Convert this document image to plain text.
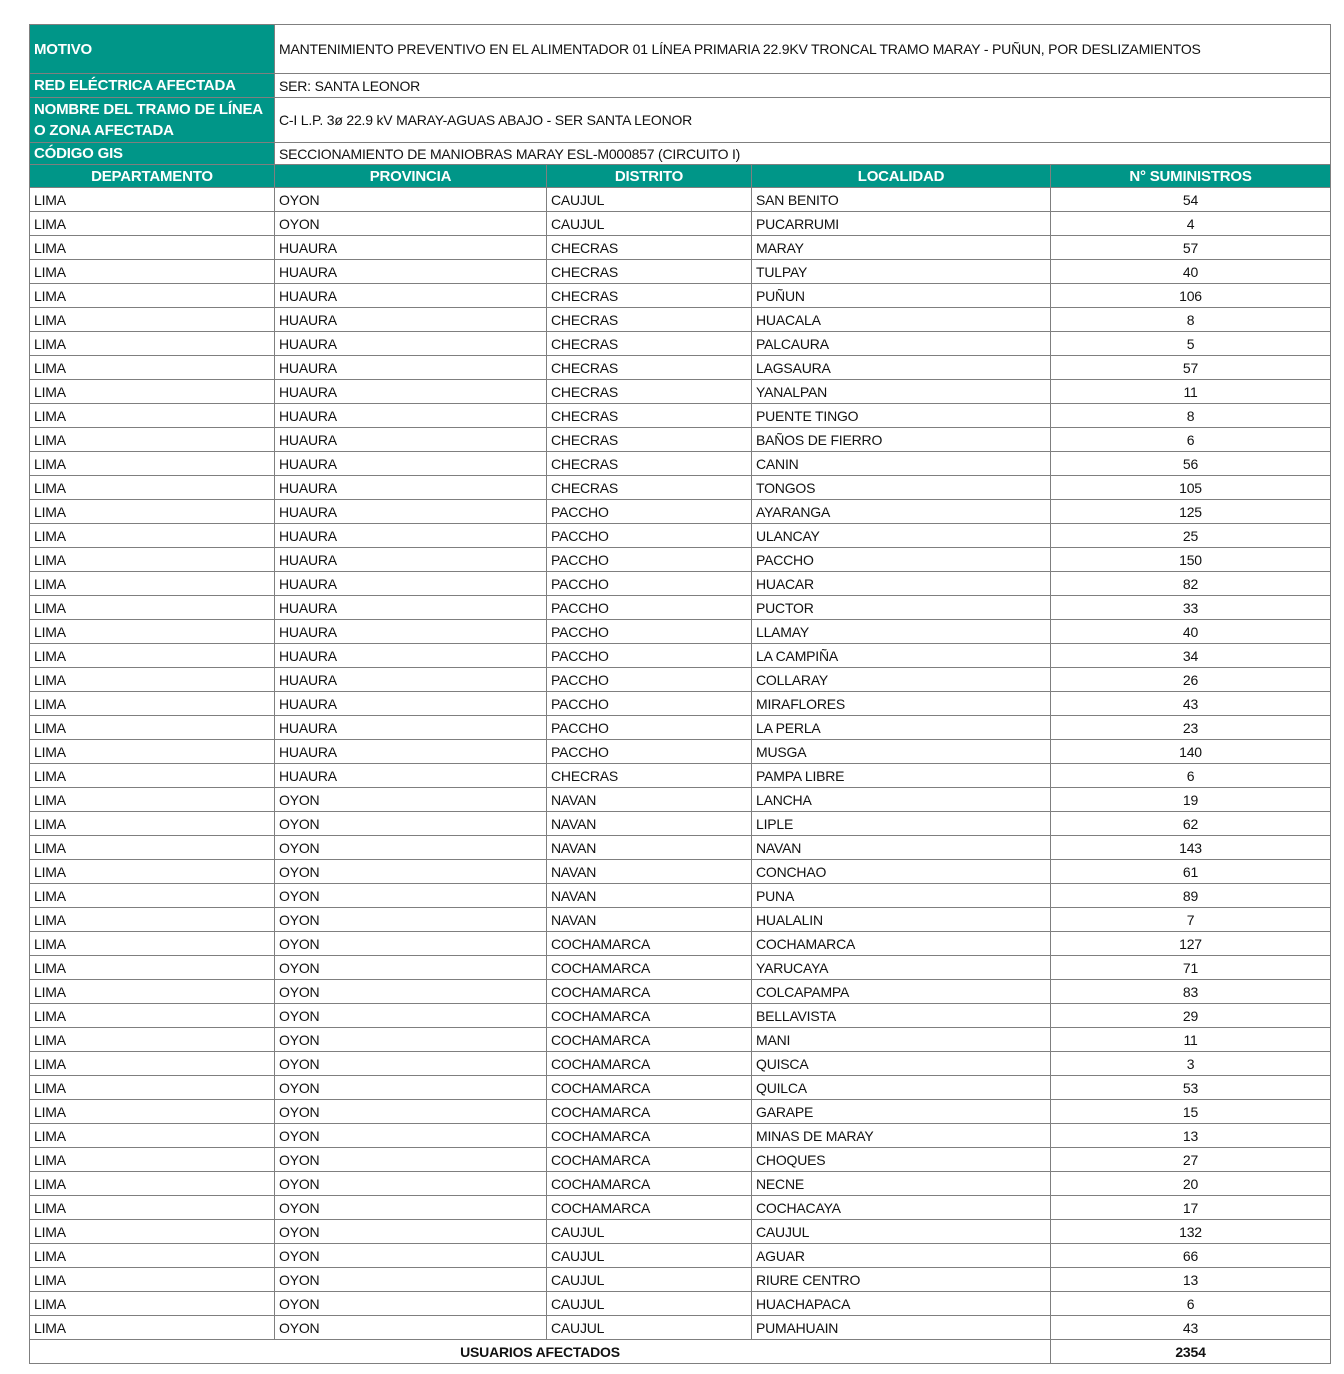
MOTIVO	MANTENIMIENTO PREVENTIVO EN EL ALIMENTADOR 01 LÍNEA PRIMARIA 22.9KV TRONCAL TRAMO MARAY - PUÑUN, POR DESLIZAMIENTOS			
RED ELÉCTRICA AFECTADA	SER: SANTA LEONOR			
NOMBRE DEL TRAMO DE LÍNEA O ZONA AFECTADA	C-I L.P. 3ø 22.9 kV MARAY-AGUAS ABAJO - SER SANTA LEONOR			
CÓDIGO GIS	SECCIONAMIENTO DE MANIOBRAS MARAY ESL-M000857 (CIRCUITO I)			
DEPARTAMENTO	PROVINCIA	DISTRITO	LOCALIDAD	N° SUMINISTROS
LIMA	OYON	CAUJUL	SAN BENITO	54
LIMA	OYON	CAUJUL	PUCARRUMI	4
LIMA	HUAURA	CHECRAS	MARAY	57
LIMA	HUAURA	CHECRAS	TULPAY	40
LIMA	HUAURA	CHECRAS	PUÑUN	106
LIMA	HUAURA	CHECRAS	HUACALA	8
LIMA	HUAURA	CHECRAS	PALCAURA	5
LIMA	HUAURA	CHECRAS	LAGSAURA	57
LIMA	HUAURA	CHECRAS	YANALPAN	11
LIMA	HUAURA	CHECRAS	PUENTE TINGO	8
LIMA	HUAURA	CHECRAS	BAÑOS DE FIERRO	6
LIMA	HUAURA	CHECRAS	CANIN	56
LIMA	HUAURA	CHECRAS	TONGOS	105
LIMA	HUAURA	PACCHO	AYARANGA	125
LIMA	HUAURA	PACCHO	ULANCAY	25
LIMA	HUAURA	PACCHO	PACCHO	150
LIMA	HUAURA	PACCHO	HUACAR	82
LIMA	HUAURA	PACCHO	PUCTOR	33
LIMA	HUAURA	PACCHO	LLAMAY	40
LIMA	HUAURA	PACCHO	LA CAMPIÑA	34
LIMA	HUAURA	PACCHO	COLLARAY	26
LIMA	HUAURA	PACCHO	MIRAFLORES	43
LIMA	HUAURA	PACCHO	LA PERLA	23
LIMA	HUAURA	PACCHO	MUSGA	140
LIMA	HUAURA	CHECRAS	PAMPA LIBRE	6
LIMA	OYON	NAVAN	LANCHA	19
LIMA	OYON	NAVAN	LIPLE	62
LIMA	OYON	NAVAN	NAVAN	143
LIMA	OYON	NAVAN	CONCHAO	61
LIMA	OYON	NAVAN	PUNA	89
LIMA	OYON	NAVAN	HUALALIN	7
LIMA	OYON	COCHAMARCA	COCHAMARCA	127
LIMA	OYON	COCHAMARCA	YARUCAYA	71
LIMA	OYON	COCHAMARCA	COLCAPAMPA	83
LIMA	OYON	COCHAMARCA	BELLAVISTA	29
LIMA	OYON	COCHAMARCA	MANI	11
LIMA	OYON	COCHAMARCA	QUISCA	3
LIMA	OYON	COCHAMARCA	QUILCA	53
LIMA	OYON	COCHAMARCA	GARAPE	15
LIMA	OYON	COCHAMARCA	MINAS DE MARAY	13
LIMA	OYON	COCHAMARCA	CHOQUES	27
LIMA	OYON	COCHAMARCA	NECNE	20
LIMA	OYON	COCHAMARCA	COCHACAYA	17
LIMA	OYON	CAUJUL	CAUJUL	132
LIMA	OYON	CAUJUL	AGUAR	66
LIMA	OYON	CAUJUL	RIURE CENTRO	13
LIMA	OYON	CAUJUL	HUACHAPACA	6
LIMA	OYON	CAUJUL	PUMAHUAIN	43
USUARIOS AFECTADOS				2354
